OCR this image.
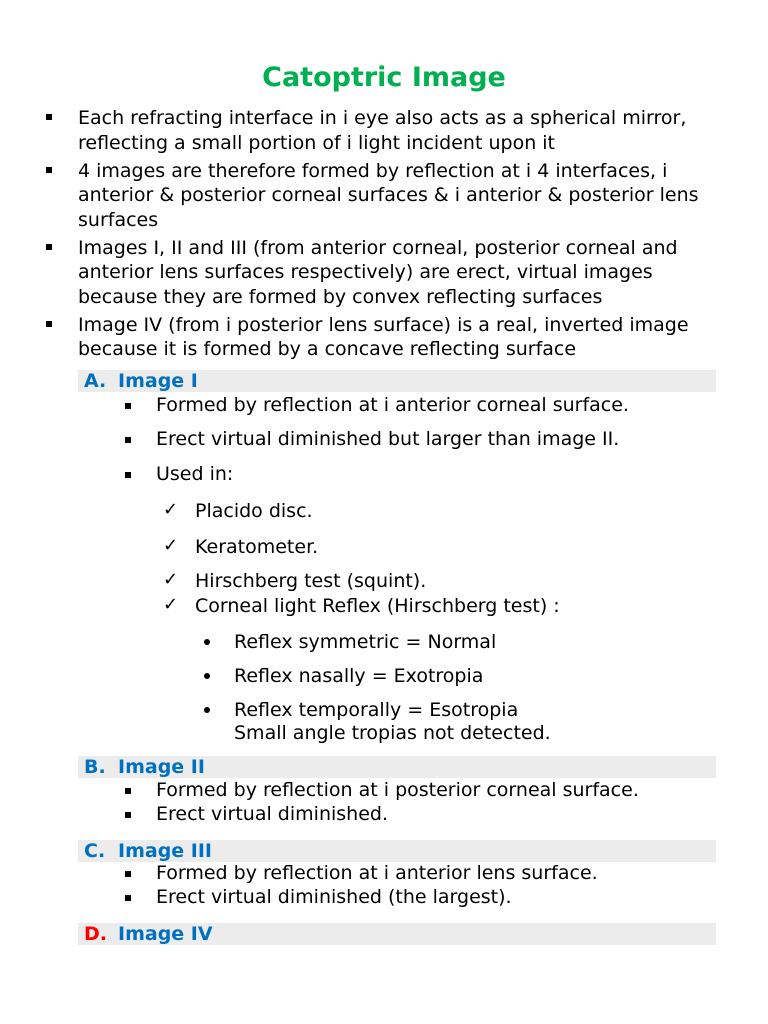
Catoptric Image
Each refracting interface in i eye also acts as a spherical mirror, reflecting a small portion of i light incident upon it
4 images are therefore formed by reflection at i 4 interfaces, i anterior & posterior corneal surfaces & i anterior & posterior lens surfaces
Images I, II and III (from anterior corneal, posterior corneal and anterior lens surfaces respectively) are erect, virtual images because they are formed by convex reflecting surfaces
Image IV (from i posterior lens surface) is a real, inverted image because it is formed by a concave reflecting surface
A. Image I
Formed by reflection at i anterior corneal surface.
Erect virtual diminished but larger than image II.
Used in:
✓ Placido disc.
✓ Keratometer.
✓ Hirschberg test (squint).
✓ Corneal light Reflex (Hirschberg test) :
Reflex symmetric = Normal
Reflex nasally = Exotropia
Reflex temporally = Esotropia
Small angle tropias not detected.
B. Image II
Formed by reflection at i posterior corneal surface.
Erect virtual diminished.
C. Image III
Formed by reflection at i anterior lens surface.
Erect virtual diminished (the largest).
D. Image IV
